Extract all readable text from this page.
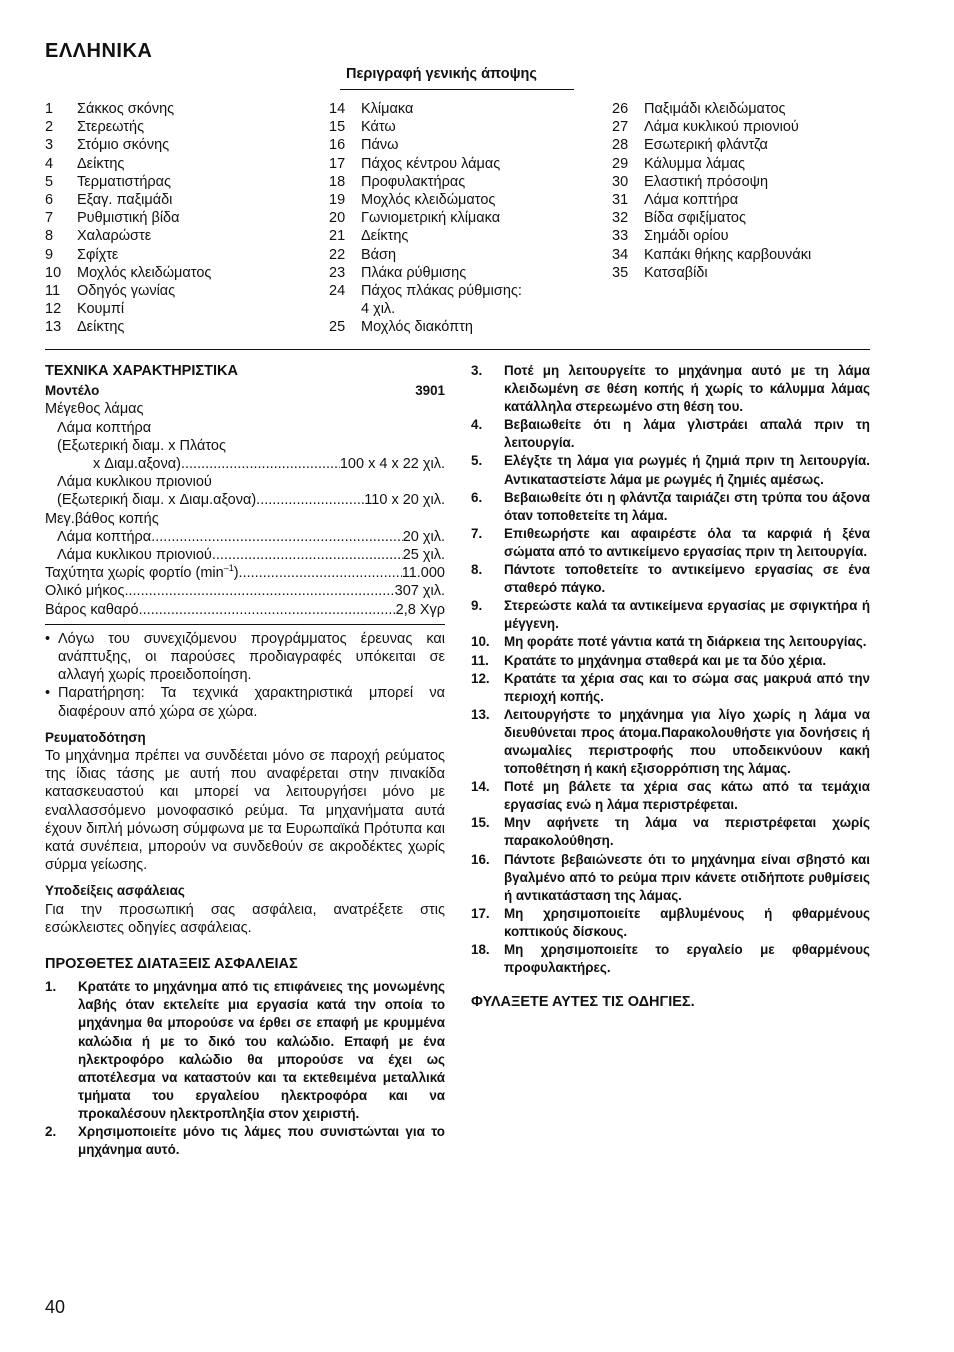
ΕΛΛΗΝΙΚΑ
Περιγραφή γενικής άποψης
1	Σάκκος σκόνης
2	Στερεωτής
3	Στόμιο σκόνης
4	Δείκτης
5	Τερματιστήρας
6	Εξαγ. παξιμάδι
7	Ρυθμιστική βίδα
8	Χαλαρώστε
9	Σφίχτε
10	Μοχλός κλειδώματος
11	Οδηγός γωνίας
12	Κουμπί
13	Δείκτης
14	Κλίμακα
15	Κάτω
16	Πάνω
17	Πάχος κέντρου λάμας
18	Προφυλακτήρας
19	Μοχλός κλειδώματος
20	Γωνιομετρική κλίμακα
21	Δείκτης
22	Βάση
23	Πλάκα ρύθμισης
24	Πάχος πλάκας ρύθμισης:
4 χιλ.
25	Μοχλός διακόπτη
26	Παξιμάδι κλειδώματος
27	Λάμα κυκλικού πριονιού
28	Εσωτερική φλάντζα
29	Κάλυμμα λάμας
30	Ελαστική πρόσοψη
31	Λάμα κοπτήρα
32	Βίδα σφιξίματος
33	Σημάδι ορίου
34	Καπάκι θήκης καρβουνάκι
35	Κατσαβίδι
ΤΕΧΝΙΚΑ ΧΑΡΑΚΤΗΡΙΣΤΙΚΑ
Μοντέλο	3901
Μέγεθος λάμας
Λάμα κοπτήρα
(Εξωτερική διαμ. x Πλάτος
x Διαμ.αξονα) .....	100 x 4 x 22 χιλ.
Λάμα κυκλικου πριονιού
(Εξωτερική διαμ. x Διαμ.αξονα) .....	110 x 20 χιλ.
Μεγ.βάθος κοπής
Λάμα κοπτήρα .....	20 χιλ.
Λάμα κυκλικου πριονιού .....	25 χιλ.
Ταχύτητα χωρίς φορτίο $(\min^{-1})$ .....	11.000
Ολικό μήκος .....	307 χιλ.
Βάρος καθαρό .....	2,8 Χγρ
• Λόγω του συνεχιζόμενου προγράμματος έρευνας και ανάπτυξης, οι παρούσες προδιαγραφές υπόκειται σε αλλαγή χωρίς προειδοποίηση.
• Παρατήρηση: Τα τεχνικά χαρακτηριστικά μπορεί να διαφέρουν από χώρα σε χώρα.
Ρευματοδότηση
Το μηχάνημα πρέπει να συνδέεται μόνο σε παροχή ρεύματος της ίδιας τάσης με αυτή που αναφέρεται στην πινακίδα κατασκευαστού και μπορεί να λειτουργήσει μόνο με εναλλασσόμενο μονοφασικό ρεύμα. Τα μηχανήματα αυτά έχουν διπλή μόνωση σύμφωνα με τα Ευρωπαϊκά Πρότυπα και κατά συνέπεια, μπορούν να συνδεθούν σε ακροδέκτες χωρίς σύρμα γείωσης.
Υποδείξεις ασφάλειας
Για την προσωπική σας ασφάλεια, ανατρέξετε στις εσώκλειστες οδηγίες ασφάλειας.
ΠΡΟΣΘΕΤΕΣ ΔΙΑΤΑΞΕΙΣ ΑΣΦΑΛΕΙΑΣ
1.	Κρατάτε το μηχάνημα από τις επιφάνειες της μονωμένης λαβής όταν εκτελείτε μια εργασία κατά την οποία το μηχάνημα θα μπορούσε να έρθει σε επαφή με κρυμμένα καλώδια ή με το δικό του καλώδιο. Επαφή με ένα ηλεκτροφόρο καλώδιο θα μπορούσε να έχει ως αποτέλεσμα να καταστούν και τα εκτεθειμένα μεταλλικά τμήματα του εργαλείου ηλεκτροφόρα και να προκαλέσουν ηλεκτροπληξία στον χειριστή.
2.	Χρησιμοποιείτε μόνο τις λάμες που συνιστώνται για το μηχάνημα αυτό.
3.	Ποτέ μη λειτουργείτε το μηχάνημα αυτό με τη λάμα κλειδωμένη σε θέση κοπής ή χωρίς το κάλυμμα λάμας κατάλληλα στερεωμένο στη θέση του.
4.	Βεβαιωθείτε ότι η λάμα γλιστράει απαλά πριν τη λειτουργία.
5.	Ελέγξτε τη λάμα για ρωγμές ή ζημιά πριν τη λειτουργία. Αντικαταστείστε λάμα με ρωγμές ή ζημιές αμέσως.
6.	Βεβαιωθείτε ότι η φλάντζα ταιριάζει στη τρύπα του άξονα όταν τοποθετείτε τη λάμα.
7.	Επιθεωρήστε και αφαιρέστε όλα τα καρφιά ή ξένα σώματα από το αντικείμενο εργασίας πριν τη λειτουργία.
8.	Πάντοτε τοποθετείτε το αντικείμενο εργασίας σε ένα σταθερό πάγκο.
9.	Στερεώστε καλά τα αντικείμενα εργασίας με σφιγκτήρα ή μέγγενη.
10.	Μη φοράτε ποτέ γάντια κατά τη διάρκεια της λειτουργίας.
11.	Κρατάτε το μηχάνημα σταθερά και με τα δύο χέρια.
12.	Κρατάτε τα χέρια σας και το σώμα σας μακρυά από την περιοχή κοπής.
13.	Λειτουργήστε το μηχάνημα για λίγο χωρίς η λάμα να διευθύνεται προς άτομα.Παρακολουθήστε για δονήσεις ή ανωμαλίες περιστροφής που υποδεικνύουν κακή τοποθέτηση ή κακή εξισορρόπιση της λάμας.
14.	Ποτέ μη βάλετε τα χέρια σας κάτω από τα τεμάχια εργασίας ενώ η λάμα περιστρέφεται.
15.	Μην αφήνετε τη λάμα να περιστρέφεται χωρίς παρακολούθηση.
16.	Πάντοτε βεβαιώνεστε ότι το μηχάνημα είναι σβηστό και βγαλμένο από το ρεύμα πριν κάνετε οτιδήποτε ρυθμίσεις ή αντικατάσταση της λάμας.
17.	Μη χρησιμοποιείτε αμβλυμένους ή φθαρμένους κοπτικούς δίσκους.
18.	Μη χρησιμοποιείτε το εργαλείο με φθαρμένους προφυλακτήρες.
ΦΥΛΑΞΕΤΕ ΑΥΤΕΣ ΤΙΣ ΟΔΗΓΙΕΣ.
40
